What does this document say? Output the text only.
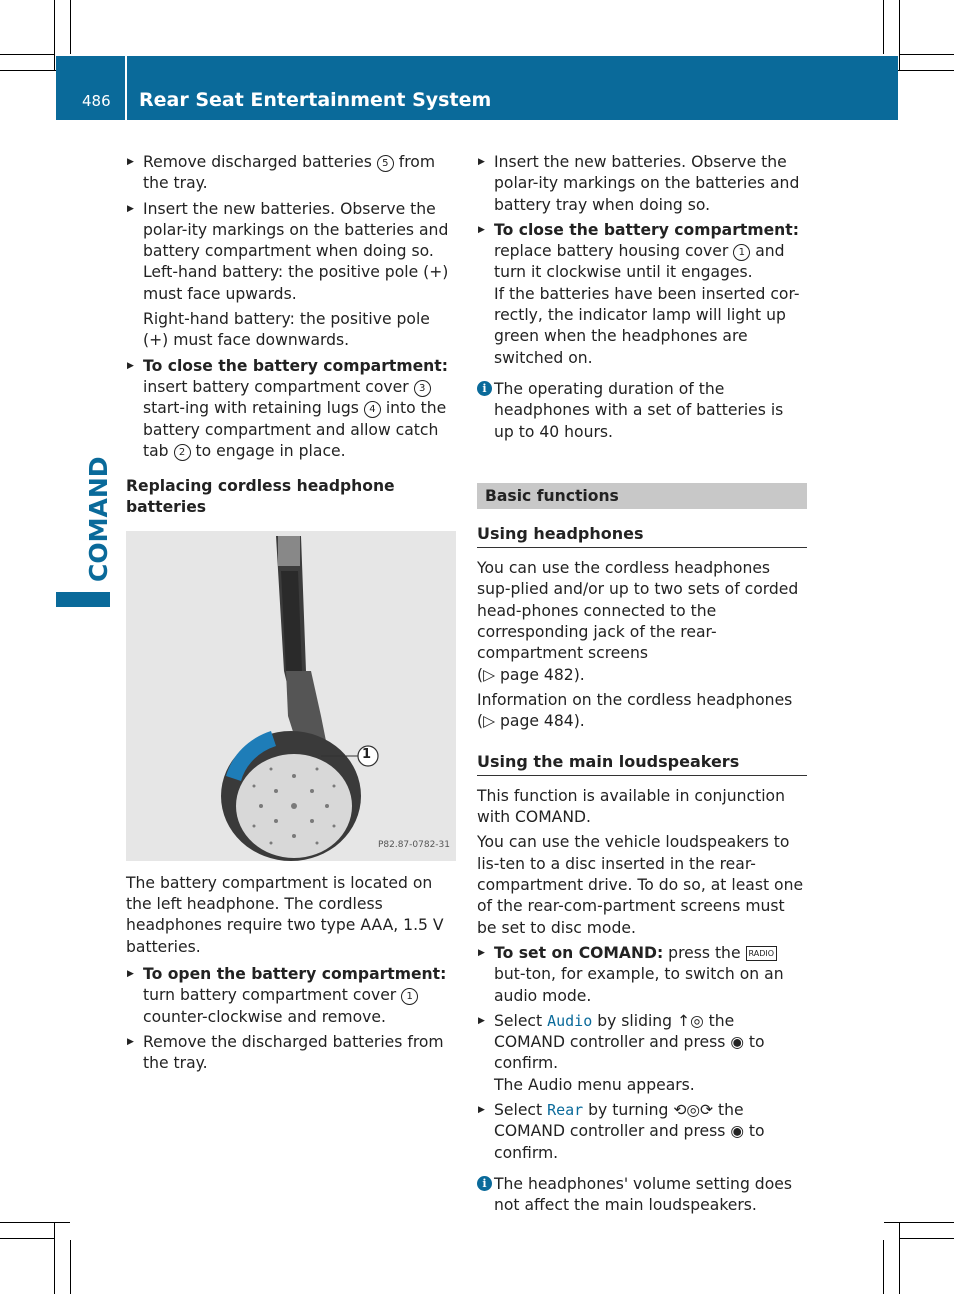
486 Rear Seat Entertainment System
COMAND
▶ Remove discharged batteries 5 from the tray.
▶ Insert the new batteries. Observe the polar-ity markings on the batteries and battery compartment when doing so.
Left-hand battery: the positive pole (+) must face upwards.
Right-hand battery: the positive pole (+) must face downwards.
▶ To close the battery compartment:
insert battery compartment cover 3 start-ing with retaining lugs 4 into the battery compartment and allow catch tab 2 to engage in place.
Replacing cordless headphone batteries
1
P82.87-0782-31
The battery compartment is located on the left headphone. The cordless headphones require two type AAA, 1.5 V batteries.
▶ To open the battery compartment: turn battery compartment cover 1 counter-clockwise and remove.
▶ Remove the discharged batteries from the tray.
▶ Insert the new batteries. Observe the polar-ity markings on the batteries and battery tray when doing so.
▶ To close the battery compartment:
replace battery housing cover 1 and turn it clockwise until it engages.
If the batteries have been inserted cor-rectly, the indicator lamp will light up green when the headphones are switched on.
i The operating duration of the headphones with a set of batteries is up to 40 hours.
Basic functions
Using headphones
You can use the cordless headphones sup-plied and/or up to two sets of corded head-phones connected to the corresponding jack of the rear-compartment screens
(▷ page 482).
Information on the cordless headphones
(▷ page 484).
Using the main loudspeakers
This function is available in conjunction with COMAND.
You can use the vehicle loudspeakers to lis-ten to a disc inserted in the rear-compartment drive. To do so, at least one of the rear-com-partment screens must be set to disc mode.
▶ To set on COMAND: press the RADIO but-ton, for example, to switch on an audio mode.
▶ Select Audio by sliding ↑◎ the COMAND controller and press ◉ to confirm.
The Audio menu appears.
▶ Select Rear by turning ⟲◎⟳ the COMAND controller and press ◉ to confirm.
i The headphones' volume setting does not affect the main loudspeakers.
